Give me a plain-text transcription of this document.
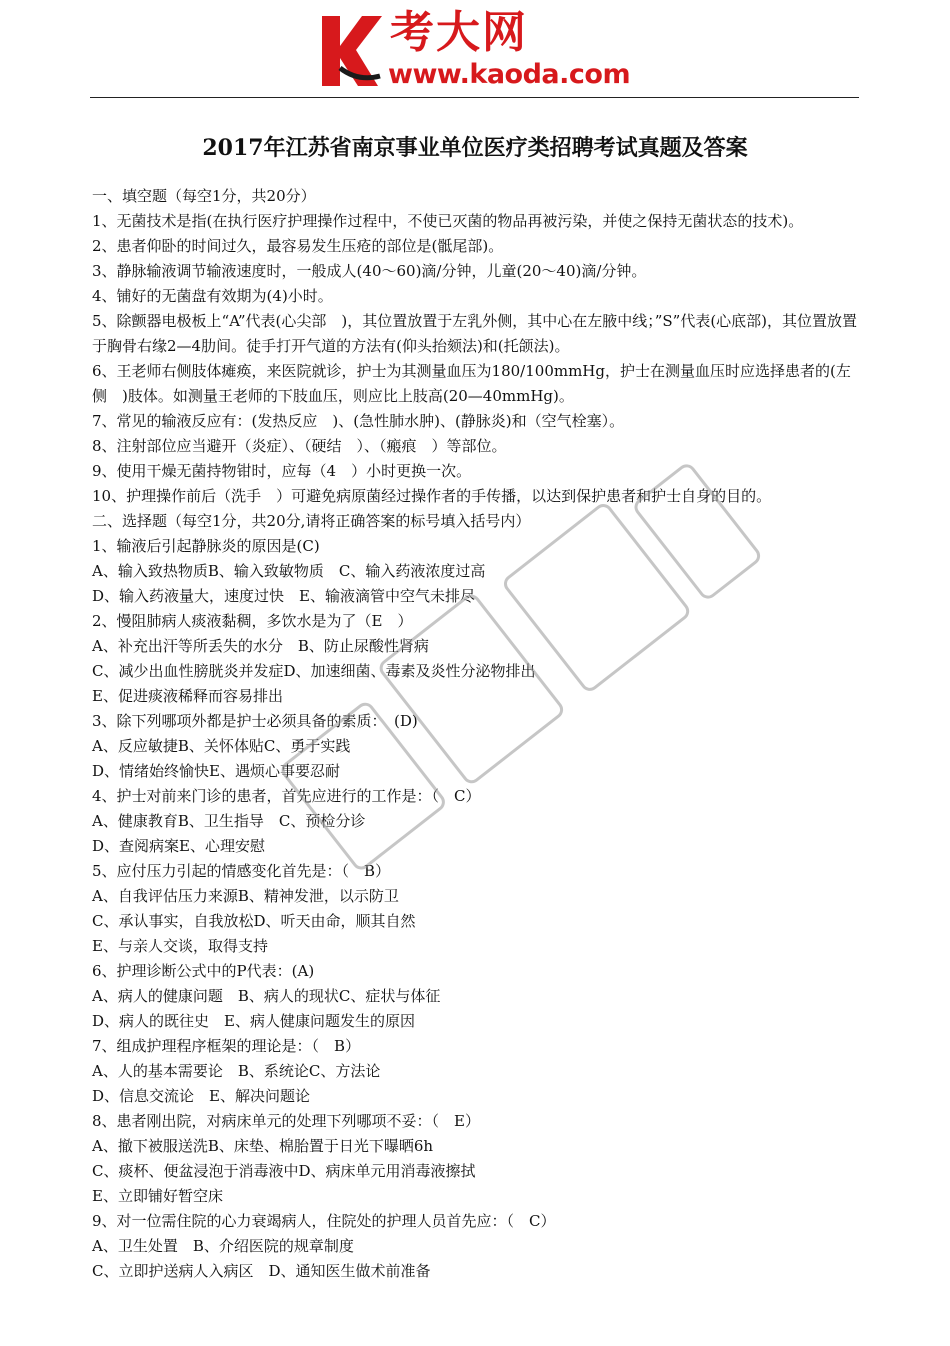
考大网
www.kaoda.com
2017年江苏省南京事业单位医疗类招聘考试真题及答案

一、填空题（每空1分，共20分）

1、无菌技术是指(在执行医疗护理操作过程中，不使已灭菌的物品再被污染，并使之保持无菌状态的技术)。

2、患者仰卧的时间过久，最容易发生压疮的部位是(骶尾部)。

3、静脉输液调节输液速度时，一般成人(40～60)滴/分钟，儿童(20～40)滴/分钟。

4、铺好的无菌盘有效期为(4)小时。

5、除颤器电极板上“A”代表(心尖部　)，其位置放置于左乳外侧，其中心在左腋中线；”S”代表(心底部)，其位置放置于胸骨右缘2—4肋间。徒手打开气道的方法有(仰头抬颏法)和(托颌法)。

6、王老师右侧肢体瘫痪，来医院就诊，护士为其测量血压为180/100mmHg，护士在测量血压时应选择患者的(左侧　)肢体。如测量王老师的下肢血压，则应比上肢高(20—40mmHg)。

7、常见的输液反应有：(发热反应　)、(急性肺水肿)、(静脉炎)和（空气栓塞）。

8、注射部位应当避开（炎症）、（硬结　）、（瘢痕　）等部位。

9、使用干燥无菌持物钳时，应每（4　）小时更换一次。

10、护理操作前后（洗手　）可避免病原菌经过操作者的手传播，以达到保护患者和护士自身的目的。

二、选择题（每空1分，共20分,请将正确答案的标号填入括号内）

1、输液后引起静脉炎的原因是(C)

A、输入致热物质B、输入致敏物质　C、输入药液浓度过高

D、输入药液量大，速度过快　E、输液滴管中空气未排尽

2、慢阻肺病人痰液黏稠，多饮水是为了（E　）

A、补充出汗等所丢失的水分　B、防止尿酸性肾病

C、减少出血性膀胱炎并发症D、加速细菌、毒素及炎性分泌物排出

E、促进痰液稀释而容易排出

3、除下列哪项外都是护士必须具备的素质：　(D)

A、反应敏捷B、关怀体贴C、勇于实践

D、情绪始终愉快E、遇烦心事要忍耐

4、护士对前来门诊的患者，首先应进行的工作是：（　C）

A、健康教育B、卫生指导　C、预检分诊

D、查阅病案E、心理安慰

5、应付压力引起的情感变化首先是：（　B）

A、自我评估压力来源B、精神发泄，以示防卫

C、承认事实，自我放松D、听天由命，顺其自然

E、与亲人交谈，取得支持

6、护理诊断公式中的P代表：(A)

A、病人的健康问题　B、病人的现状C、症状与体征

D、病人的既往史　E、病人健康问题发生的原因

7、组成护理程序框架的理论是：（　B）

A、人的基本需要论　B、系统论C、方法论

D、信息交流论　E、解决问题论

8、患者刚出院，对病床单元的处理下列哪项不妥：（　E）

A、撤下被服送洗B、床垫、棉胎置于日光下曝晒6h

C、痰杯、便盆浸泡于消毒液中D、病床单元用消毒液擦拭

E、立即铺好暂空床

9、对一位需住院的心力衰竭病人，住院处的护理人员首先应：（　C）

A、卫生处置　B、介绍医院的规章制度

C、立即护送病人入病区　D、通知医生做术前准备
